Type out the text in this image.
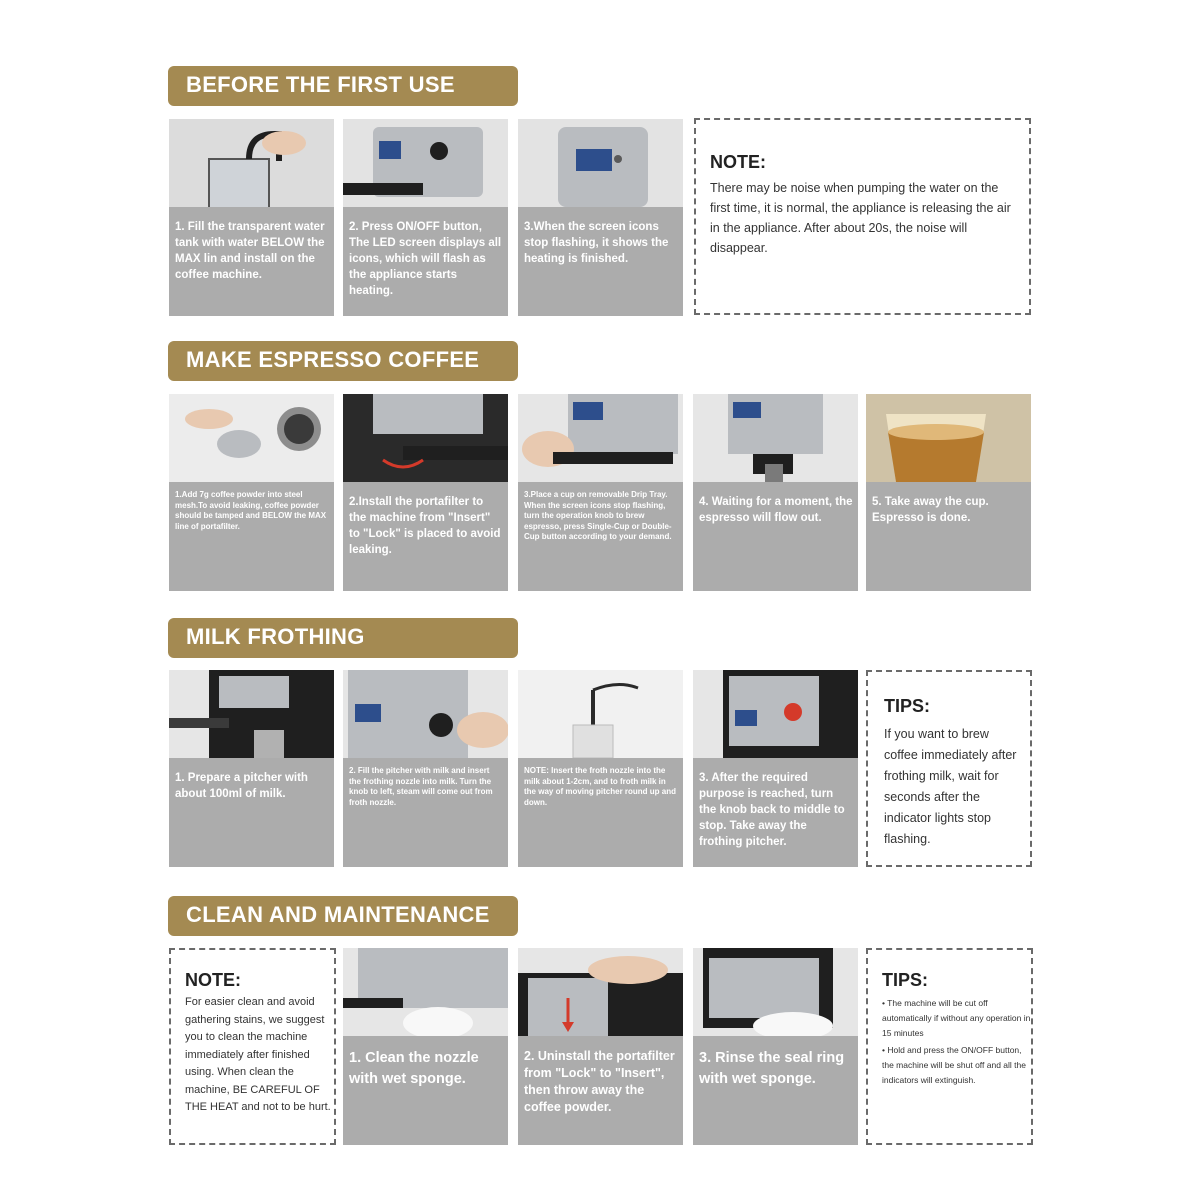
BEFORE THE FIRST USE
1. Fill the transparent water tank with water BELOW the MAX lin and install on the coffee machine.
2. Press ON/OFF button, The LED screen displays all icons, which will flash as the appliance starts heating.
3.When the screen icons stop flashing, it shows the heating is finished.
NOTE:
There may be noise when pumping the water on the first time, it is normal, the appliance is releasing the air in the appliance. After about 20s, the noise will disappear.
MAKE ESPRESSO COFFEE
1.Add 7g coffee powder into steel mesh.To avoid leaking, coffee powder should be tamped and BELOW the MAX line of portafilter.
2.Install the portafilter to the machine from "Insert" to "Lock" is placed to avoid leaking.
3.Place a cup on removable Drip Tray. When the screen icons stop flashing, turn the operation knob to brew espresso, press Single-Cup or Double-Cup button according to your demand.
4. Waiting for a moment, the espresso will flow out.
5. Take away the cup. Espresso is done.
MILK FROTHING
1. Prepare a pitcher with about 100ml of milk.
2. Fill the pitcher with milk and insert the frothing nozzle into milk. Turn the knob to left, steam will come out from froth nozzle.
NOTE: Insert the froth nozzle into the milk about 1-2cm, and to froth milk in the way of moving pitcher round up and down.
3. After the required purpose is reached, turn the knob back to middle to stop. Take away the frothing pitcher.
TIPS:
If you want to brew coffee immediately after frothing milk, wait for seconds after the indicator lights stop flashing.
CLEAN AND MAINTENANCE
NOTE:
For easier clean and avoid gathering stains, we suggest you to clean the machine immediately after finished using. When clean the machine, BE CAREFUL OF THE HEAT and not to be hurt.
1. Clean the nozzle with wet sponge.
2. Uninstall the portafilter from "Lock" to "Insert", then throw away the coffee powder.
3. Rinse the seal ring with wet sponge.
TIPS:
• The machine will be cut off automatically if without any operation in 15 minutes
• Hold and press the ON/OFF button, the machine will be shut off and all the indicators will extinguish.
